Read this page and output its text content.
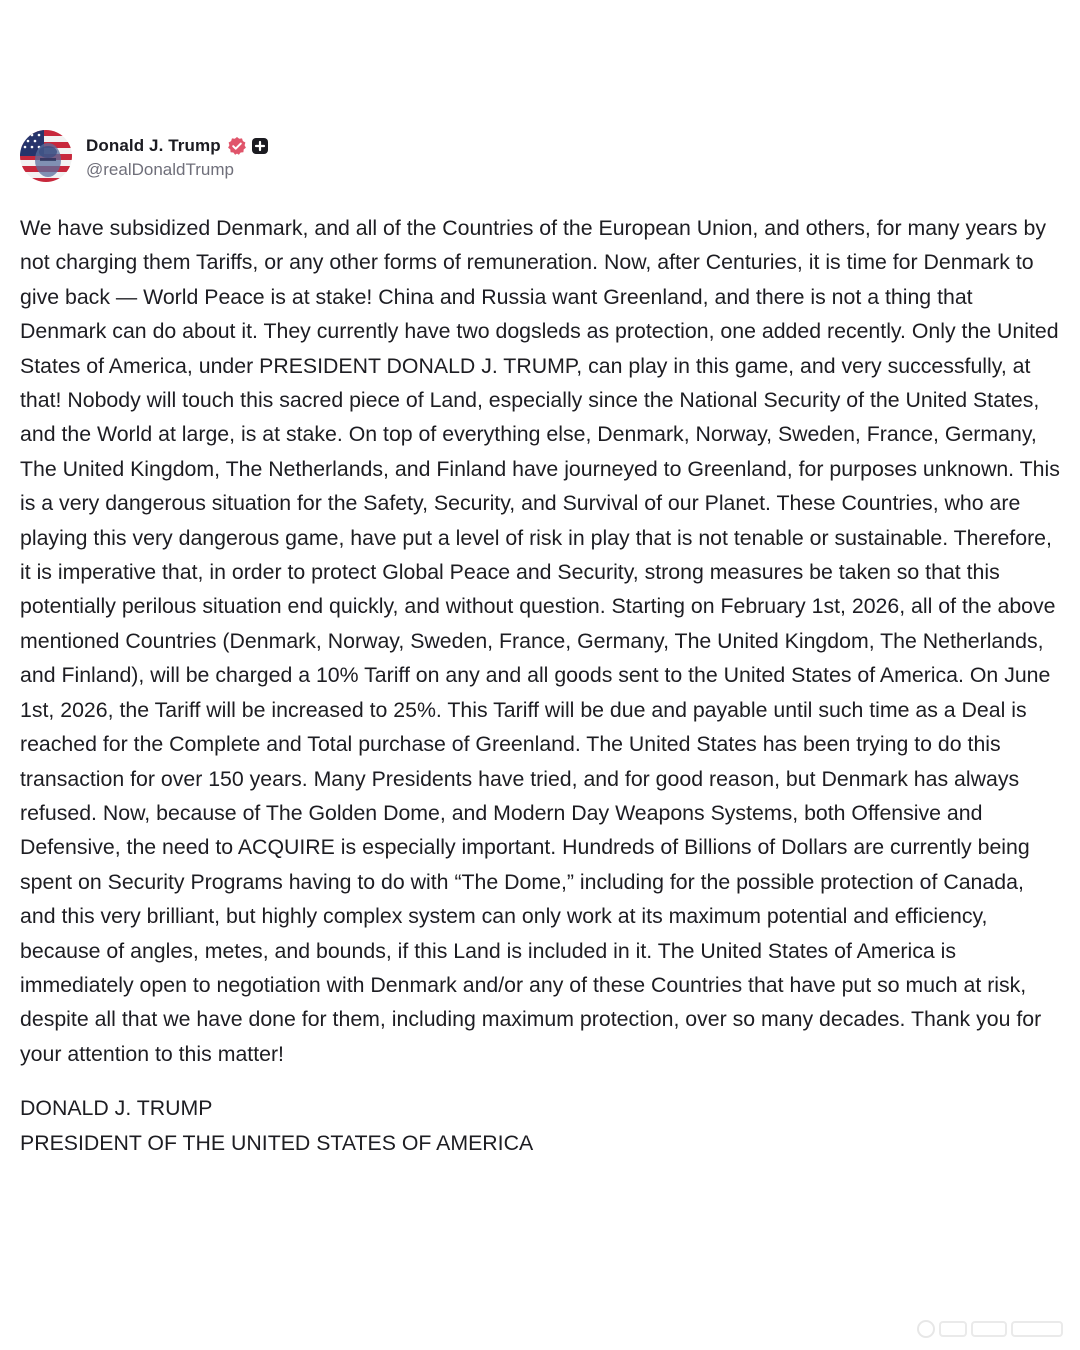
Donald J. Trump
@realDonaldTrump

We have subsidized Denmark, and all of the Countries of the European Union, and others, for many years by not charging them Tariffs, or any other forms of remuneration. Now, after Centuries, it is time for Denmark to give back — World Peace is at stake! China and Russia want Greenland, and there is not a thing that Denmark can do about it. They currently have two dogsleds as protection, one added recently. Only the United States of America, under PRESIDENT DONALD J. TRUMP, can play in this game, and very successfully, at that! Nobody will touch this sacred piece of Land, especially since the National Security of the United States, and the World at large, is at stake. On top of everything else, Denmark, Norway, Sweden, France, Germany, The United Kingdom, The Netherlands, and Finland have journeyed to Greenland, for purposes unknown. This is a very dangerous situation for the Safety, Security, and Survival of our Planet. These Countries, who are playing this very dangerous game, have put a level of risk in play that is not tenable or sustainable. Therefore, it is imperative that, in order to protect Global Peace and Security, strong measures be taken so that this potentially perilous situation end quickly, and without question. Starting on February 1st, 2026, all of the above mentioned Countries (Denmark, Norway, Sweden, France, Germany, The United Kingdom, The Netherlands, and Finland), will be charged a 10% Tariff on any and all goods sent to the United States of America. On June 1st, 2026, the Tariff will be increased to 25%. This Tariff will be due and payable until such time as a Deal is reached for the Complete and Total purchase of Greenland. The United States has been trying to do this transaction for over 150 years. Many Presidents have tried, and for good reason, but Denmark has always refused. Now, because of The Golden Dome, and Modern Day Weapons Systems, both Offensive and Defensive, the need to ACQUIRE is especially important. Hundreds of Billions of Dollars are currently being spent on Security Programs having to do with “The Dome,” including for the possible protection of Canada, and this very brilliant, but highly complex system can only work at its maximum potential and efficiency, because of angles, metes, and bounds, if this Land is included in it. The United States of America is immediately open to negotiation with Denmark and/or any of these Countries that have put so much at risk, despite all that we have done for them, including maximum protection, over so many decades. Thank you for your attention to this matter!

DONALD J. TRUMP
PRESIDENT OF THE UNITED STATES OF AMERICA
